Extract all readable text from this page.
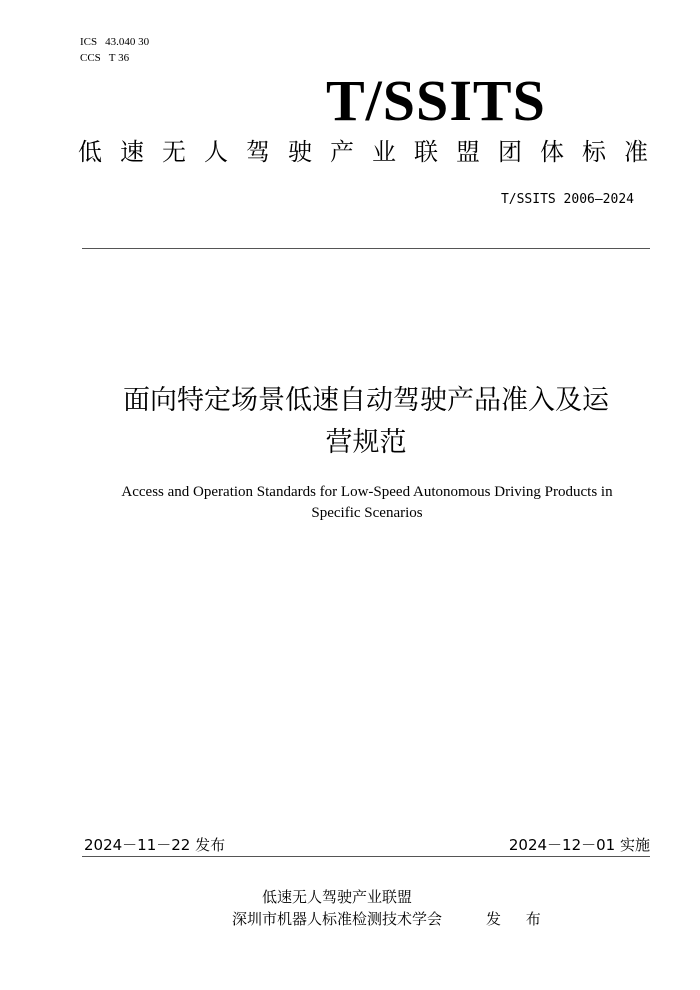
ICS 43.040 30
CCS T 36
T/SSITS
低 速 无 人 驾 驶 产 业 联 盟 团 体 标 准
T/SSITS 2006—2024
面向特定场景低速自动驾驶产品准入及运
营规范
Access and Operation Standards for Low-Speed Autonomous Driving Products in
Specific Scenarios
2024－11－22 发布	2024－12－01 实施
低速无人驾驶产业联盟
深圳市机器人标准检测技术学会	发 布
